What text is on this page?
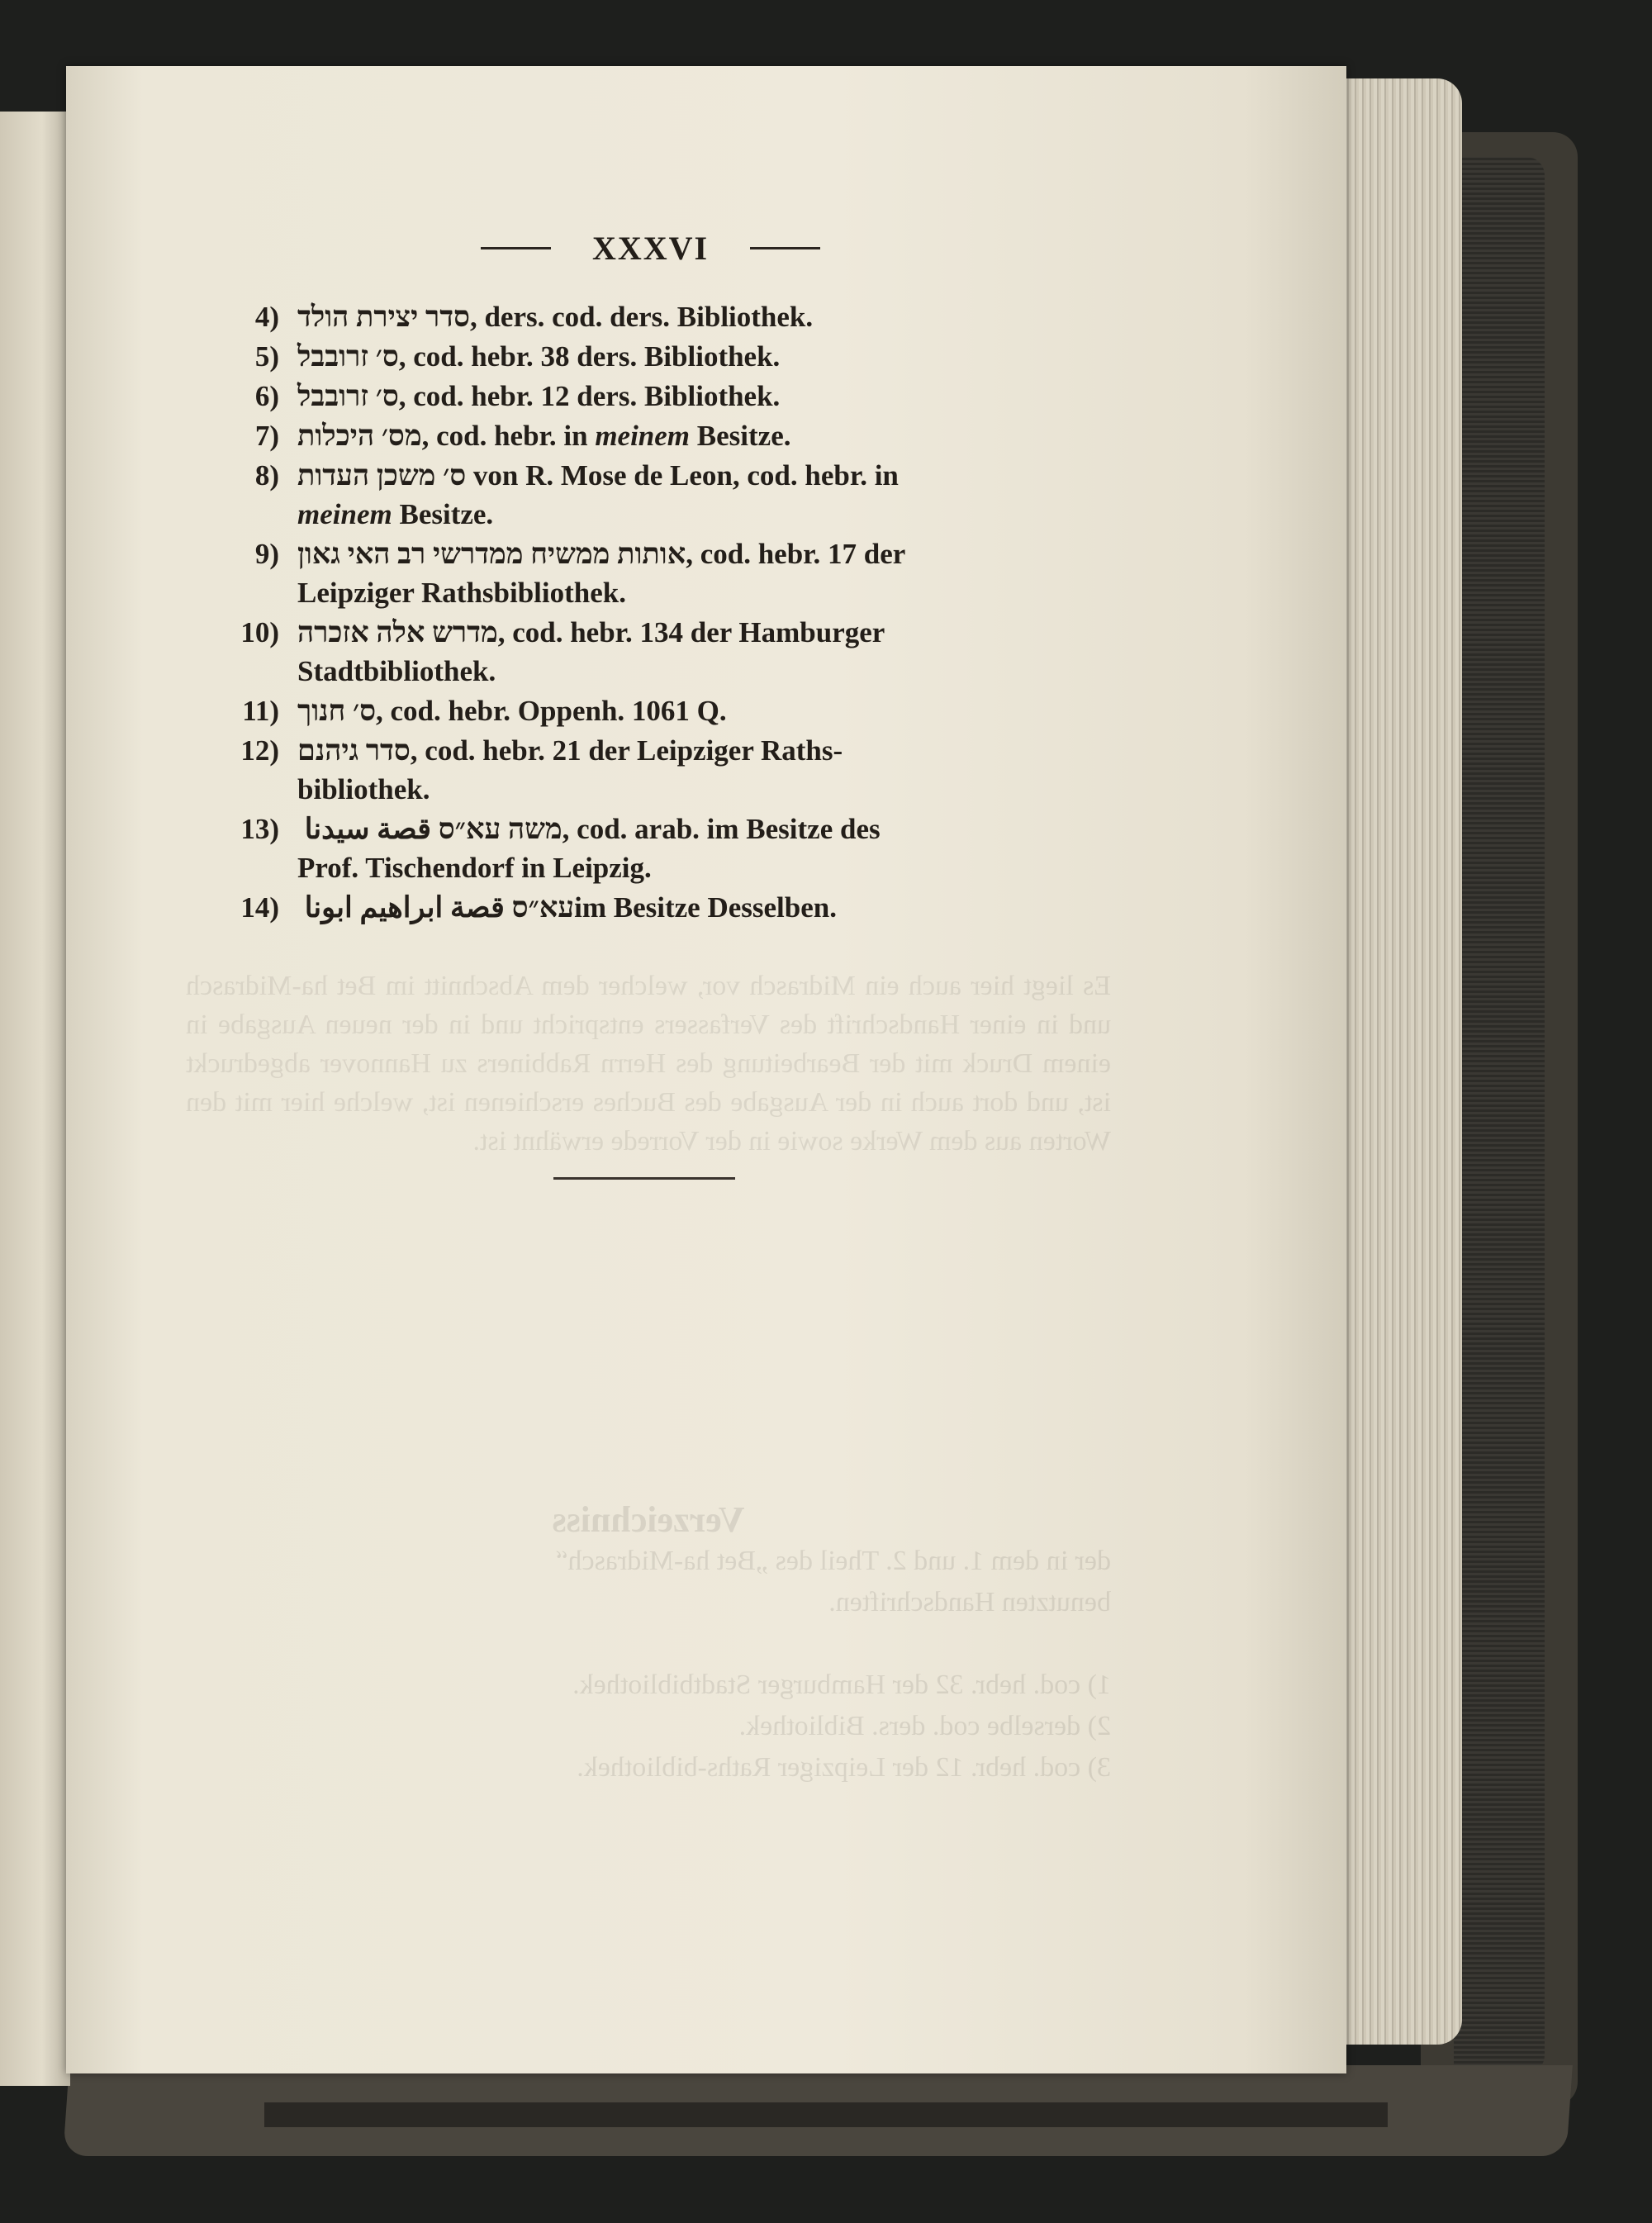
Es liegt hier auch ein Midrasch vor, welcher dem Abschnitt im Bet ha-Midrasch und in einer Handschrift des Verfassers entspricht und in der neuen Ausgabe in einem Druck mit der Bearbeitung des Herrn Rabbiners zu Hannover abgedruckt ist, und dort auch in der Ausgabe des Buches erschienen ist, welche hier mit den Worten aus dem Werke sowie in der Vorrede erwähnt ist.
Verzeichniss
der in dem 1. und 2. Theil des „Bet ha-Midrasch“
benutzten Handschriften.

1) cod. hebr. 32 der Hamburger Stadtbibliothek.
2) derselbe cod. ders. Bibliothek.
3) cod. hebr. 12 der Leipziger Raths-bibliothek.
XXXVI
4) סדר יצירת הולד, ders. cod. ders. Bibliothek.
5) ס׳ זרובבל, cod. hebr. 38 ders. Bibliothek.
6) ס׳ זרובבל, cod. hebr. 12 ders. Bibliothek.
7) מס׳ היכלות, cod. hebr. in meinem Besitze.
8) ס׳ משכן העדות von R. Mose de Leon, cod. hebr. in
meinem Besitze.
9) אותות ממשיח ממדרשי רב האי גאון, cod. hebr. 17 der
Leipziger Rathsbibliothek.
10) מדרש אלה אזכרה, cod. hebr. 134 der Hamburger
Stadtbibliothek.
11) ס׳ חנוך, cod. hebr. Oppenh. 1061 Q.
12) סדר גיהנם, cod. hebr. 21 der Leipziger Raths-
bibliothek.
13)	משה עא״ס قصة سيدنا	, cod. arab. im Besitze des
Prof. Tischendorf in Leipzig.
14)	עא״ס قصة ابراهيم ابونا im Besitze Desselben.
